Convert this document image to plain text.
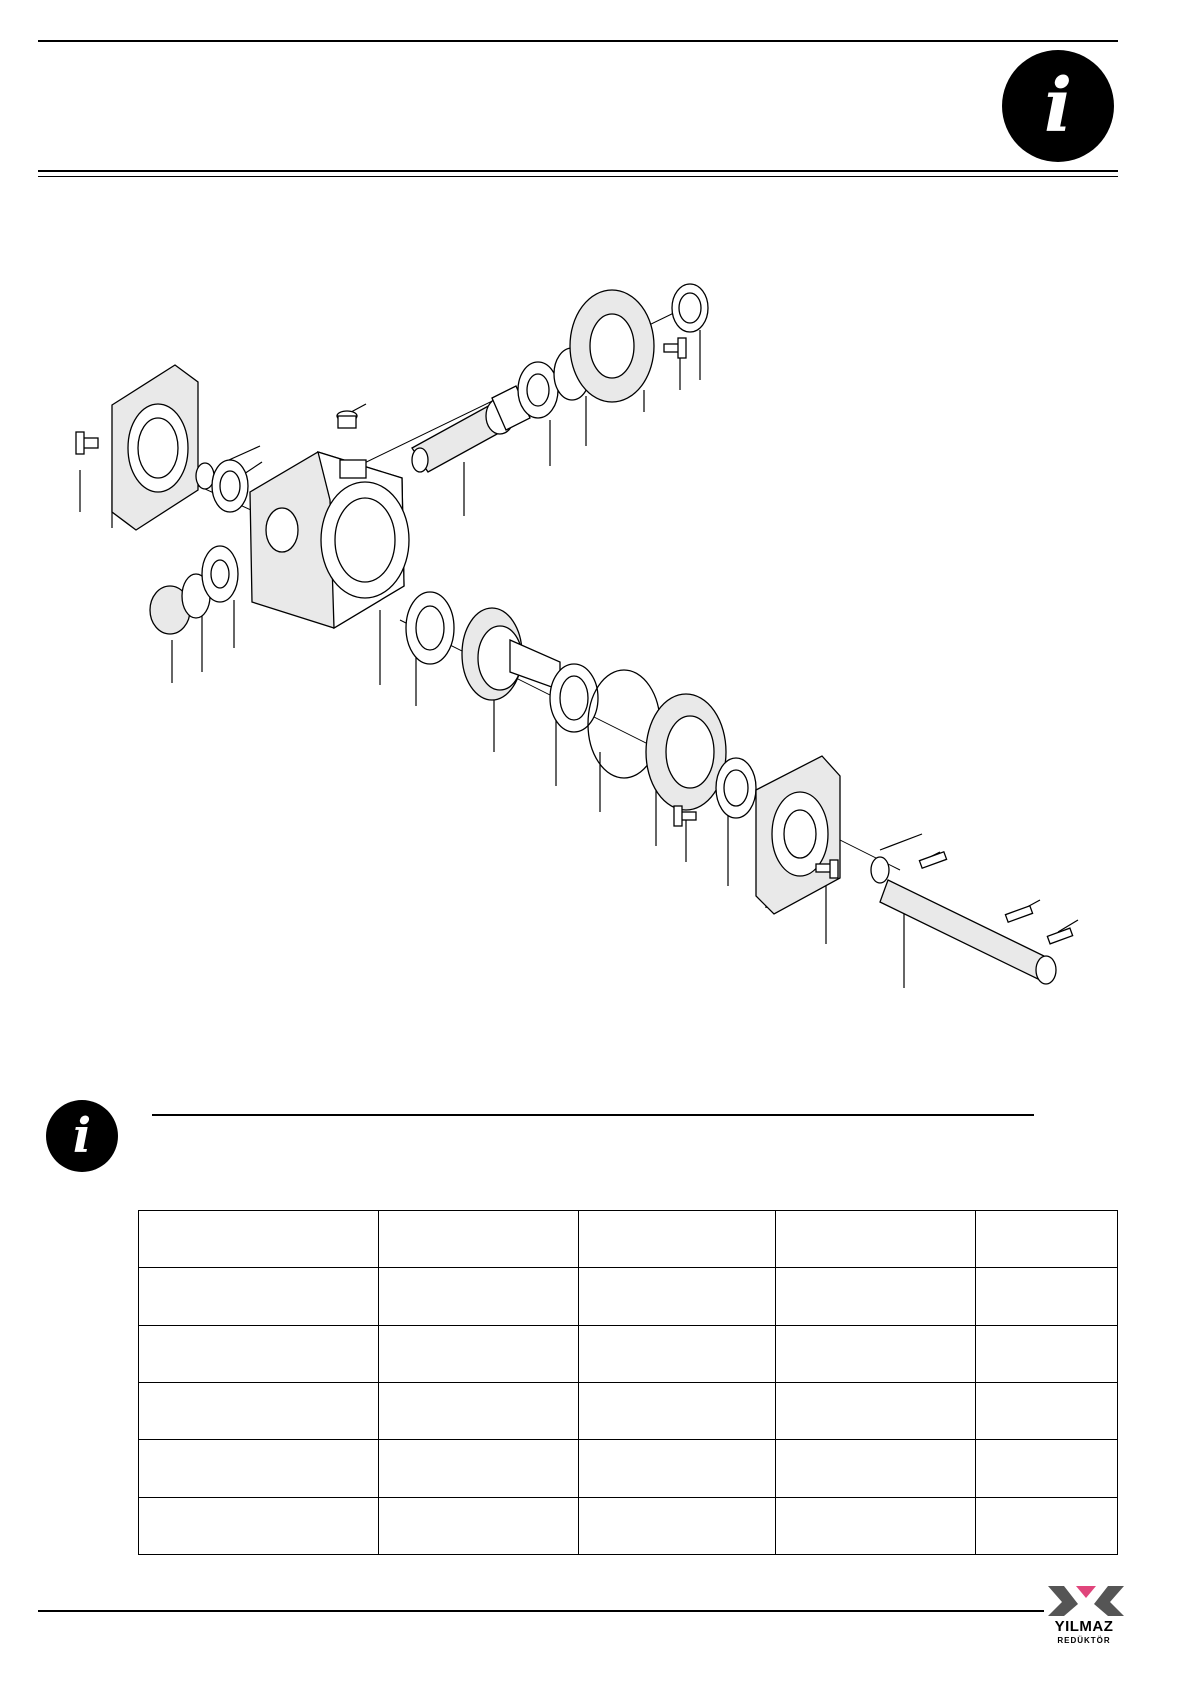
i
i

YILMAZ
REDÜKTÖR
